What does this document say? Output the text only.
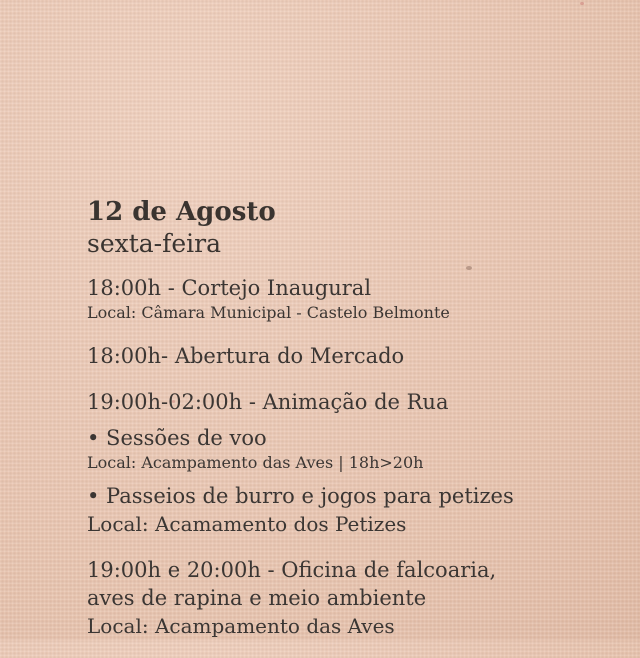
12 de Agosto

sexta-feira

18:00h - Cortejo Inaugural

Local: Câmara Municipal - Castelo Belmonte

18:00h- Abertura do Mercado

19:00h-02:00h - Animação de Rua

• Sessões de voo

Local: Acampamento das Aves | 18h>20h

• Passeios de burro e jogos para petizes

Local: Acamamento dos Petizes

19:00h e 20:00h - Oficina de falcoaria,

aves de rapina e meio ambiente

Local: Acampamento das Aves
